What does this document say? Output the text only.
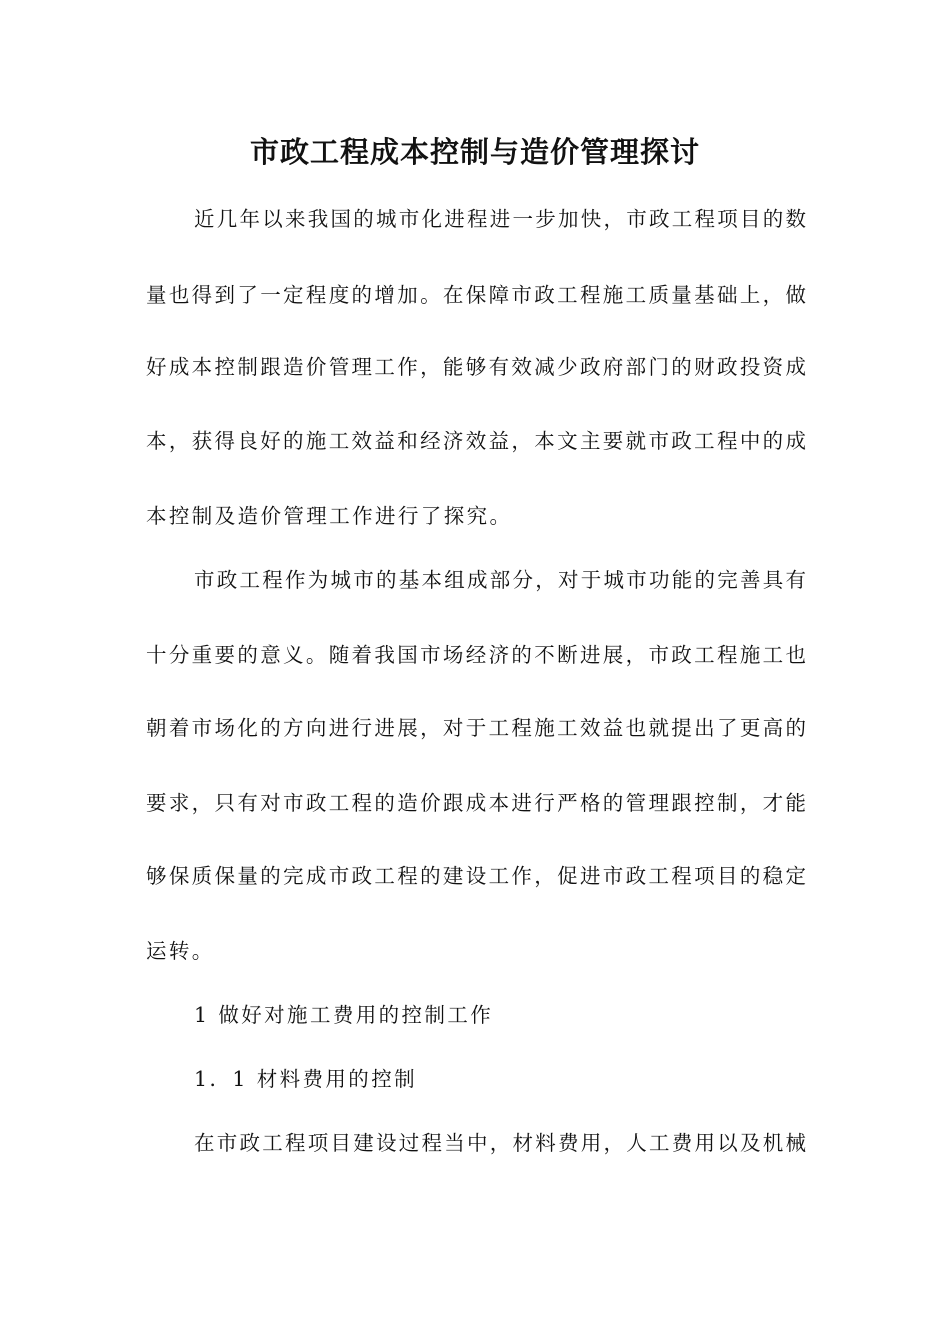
市政工程成本控制与造价管理探讨

近几年以来我国的城市化进程进一步加快，市政工程项目的数

量也得到了一定程度的增加。在保障市政工程施工质量基础上，做

好成本控制跟造价管理工作，能够有效减少政府部门的财政投资成

本，获得良好的施工效益和经济效益，本文主要就市政工程中的成

本控制及造价管理工作进行了探究。

市政工程作为城市的基本组成部分，对于城市功能的完善具有

十分重要的意义。随着我国市场经济的不断进展，市政工程施工也

朝着市场化的方向进行进展，对于工程施工效益也就提出了更高的

要求，只有对市政工程的造价跟成本进行严格的管理跟控制，才能

够保质保量的完成市政工程的建设工作，促进市政工程项目的稳定

运转。

1 做好对施工费用的控制工作

1．1 材料费用的控制

在市政工程项目建设过程当中，材料费用，人工费用以及机械
